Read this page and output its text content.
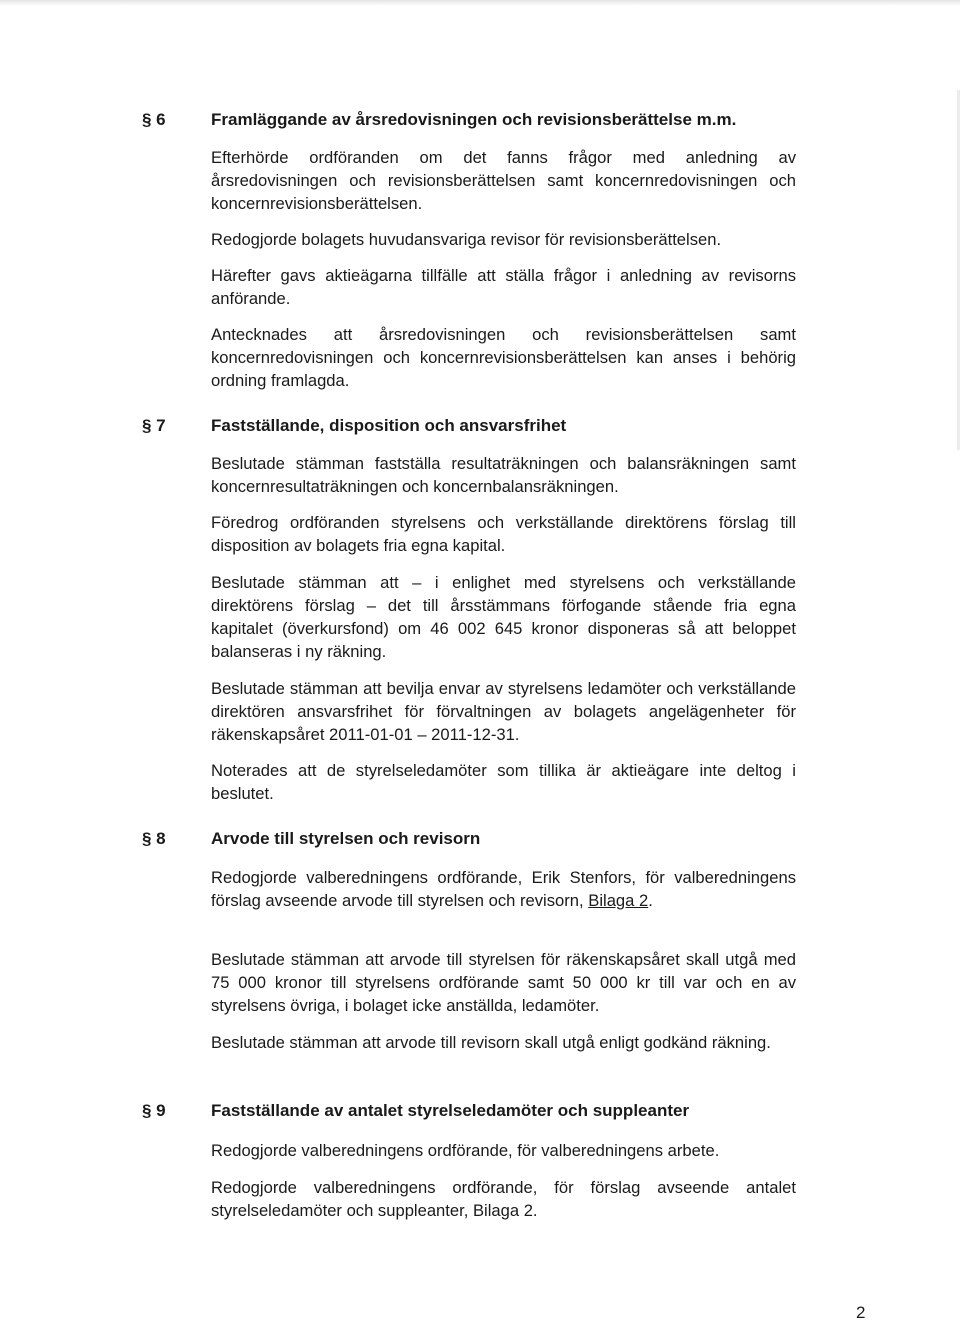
§ 6	Framläggande av årsredovisningen och revisionsberättelse m.m.
Efterhörde ordföranden om det fanns frågor med anledning av årsredovisningen och revisionsberättelsen samt koncernredovisningen och koncernrevisionsberättelsen.
Redogjorde bolagets huvudansvariga revisor för revisionsberättelsen.
Härefter gavs aktieägarna tillfälle att ställa frågor i anledning av revisorns anförande.
Antecknades att årsredovisningen och revisionsberättelsen samt koncernredovisningen och koncernrevisionsberättelsen kan anses i behörig ordning framlagda.
§ 7	Fastställande, disposition och ansvarsfrihet
Beslutade stämman fastställa resultaträkningen och balansräkningen samt koncernresultaträkningen och koncernbalansräkningen.
Föredrog ordföranden styrelsens och verkställande direktörens förslag till disposition av bolagets fria egna kapital.
Beslutade stämman att – i enlighet med styrelsens och verkställande direktörens förslag – det till årsstämmans förfogande stående fria egna kapitalet (överkursfond) om 46 002 645 kronor disponeras så att beloppet balanseras i ny räkning.
Beslutade stämman att bevilja envar av styrelsens ledamöter och verkställande direktören ansvarsfrihet för förvaltningen av bolagets angelägenheter för räkenskapsåret 2011-01-01 – 2011-12-31.
Noterades att de styrelseledamöter som tillika är aktieägare inte deltog i beslutet.
§ 8	Arvode till styrelsen och revisorn
Redogjorde valberedningens ordförande, Erik Stenfors, för valberedningens förslag avseende arvode till styrelsen och revisorn, Bilaga 2.
Beslutade stämman att arvode till styrelsen för räkenskapsåret skall utgå med 75 000 kronor till styrelsens ordförande samt 50 000 kr till var och en av styrelsens övriga, i bolaget icke anställda, ledamöter.
Beslutade stämman att arvode till revisorn skall utgå enligt godkänd räkning.
§ 9	Fastställande av antalet styrelseledamöter och suppleanter
Redogjorde valberedningens ordförande, för valberedningens arbete.
Redogjorde valberedningens ordförande, för förslag avseende antalet styrelseledamöter och suppleanter, Bilaga 2.
2
